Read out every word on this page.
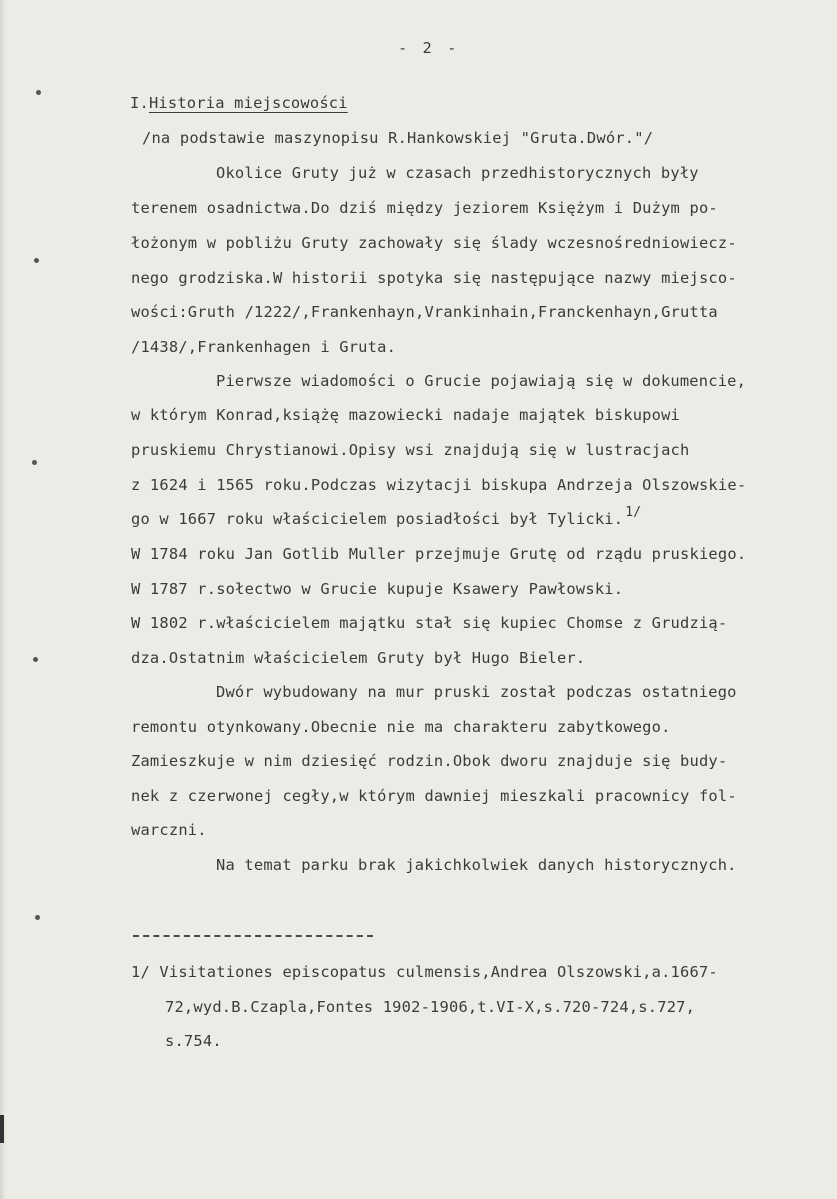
- 2 -
I.Historia miejscowości
/na podstawie maszynopisu R.Hankowskiej "Gruta.Dwór."/
Okolice Gruty już w czasach przedhistorycznych były
terenem osadnictwa.Do dziś między jeziorem Księżym i Dużym po-
łożonym w pobliżu Gruty zachowały się ślady wczesnośredniowiecz-
nego grodziska.W historii spotyka się następujące nazwy miejsco-
wości:Gruth /1222/,Frankenhayn,Vrankinhain,Franckenhayn,Grutta
/1438/,Frankenhagen i Gruta.
Pierwsze wiadomości o Grucie pojawiają się w dokumencie,
w którym Konrad,książę mazowiecki nadaje majątek biskupowi
pruskiemu Chrystianowi.Opisy wsi znajdują się w lustracjach
z 1624 i 1565 roku.Podczas wizytacji biskupa Andrzeja Olszowskie-
go w 1667 roku właścicielem posiadłości był Tylicki. $^{1/}$
W 1784 roku Jan Gotlib Muller przejmuje Grutę od rządu pruskiego.
W 1787 r.sołectwo w Grucie kupuje Ksawery Pawłowski.
W 1802 r.właścicielem majątku stał się kupiec Chomse z Grudzią-
dza.Ostatnim właścicielem Gruty był Hugo Bieler.
Dwór wybudowany na mur pruski został podczas ostatniego
remontu otynkowany.Obecnie nie ma charakteru zabytkowego.
Zamieszkuje w nim dziesięć rodzin.Obok dworu znajduje się budy-
nek z czerwonej cegły,w którym dawniej mieszkali pracownicy fol-
warczni.
Na temat parku brak jakichkolwiek danych historycznych.
1/ Visitationes episcopatus culmensis,Andrea Olszowski,a.1667-
72,wyd.B.Czapla,Fontes 1902-1906,t.VI-X,s.720-724,s.727,
s.754.
